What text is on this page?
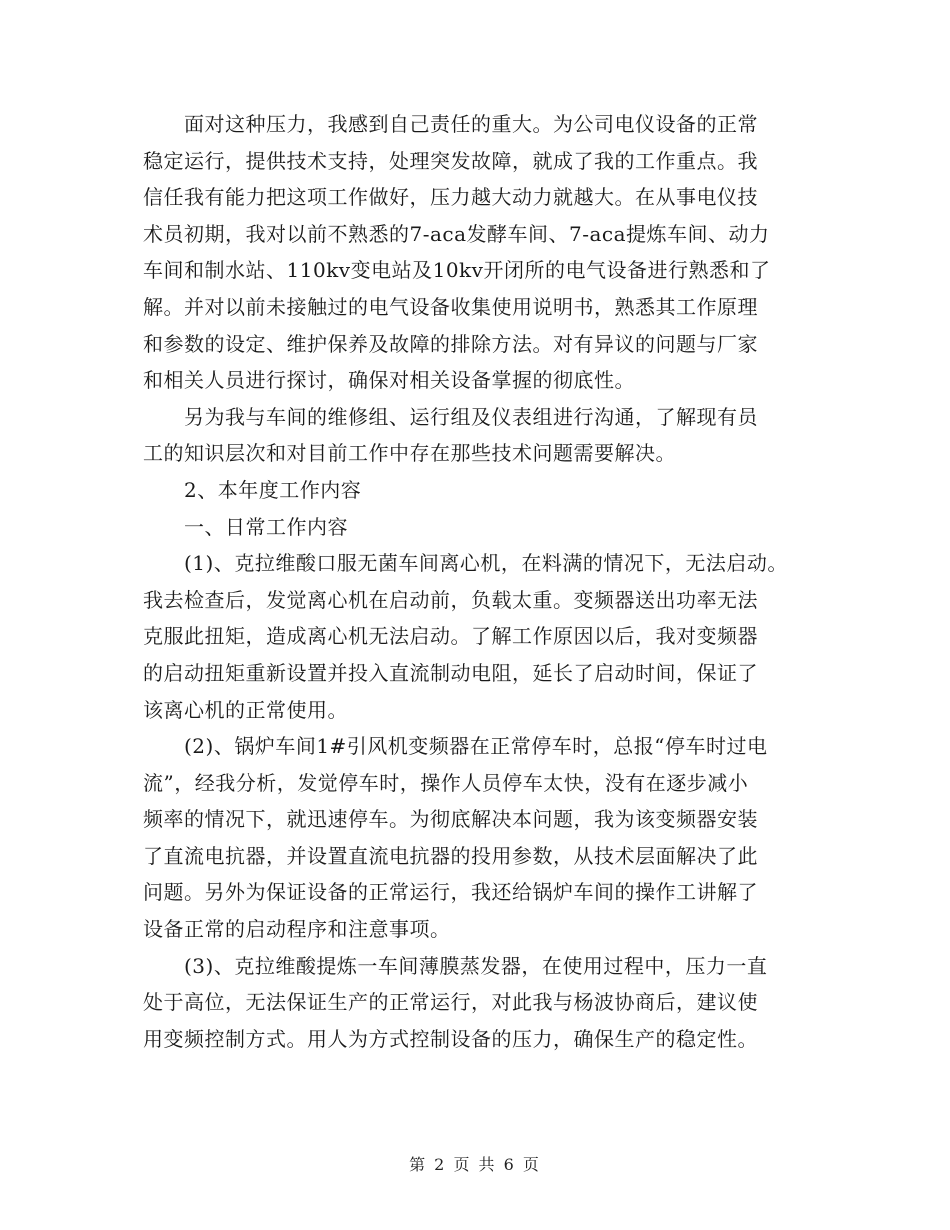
　　面对这种压力，我感到自己责任的重大。为公司电仪设备的正常
稳定运行，提供技术支持，处理突发故障，就成了我的工作重点。我
信任我有能力把这项工作做好，压力越大动力就越大。在从事电仪技
术员初期，我对以前不熟悉的7-aca发酵车间、7-aca提炼车间、动力
车间和制水站、110kv变电站及10kv开闭所的电气设备进行熟悉和了
解。并对以前未接触过的电气设备收集使用说明书，熟悉其工作原理
和参数的设定、维护保养及故障的排除方法。对有异议的问题与厂家
和相关人员进行探讨，确保对相关设备掌握的彻底性。
　　另为我与车间的维修组、运行组及仪表组进行沟通，了解现有员
工的知识层次和对目前工作中存在那些技术问题需要解决。
　　2、本年度工作内容
　　一、日常工作内容
　　(1)、克拉维酸口服无菌车间离心机，在料满的情况下，无法启动。
我去检查后，发觉离心机在启动前，负载太重。变频器送出功率无法
克服此扭矩，造成离心机无法启动。了解工作原因以后，我对变频器
的启动扭矩重新设置并投入直流制动电阻，延长了启动时间，保证了
该离心机的正常使用。
　　(2)、锅炉车间1#引风机变频器在正常停车时，总报“停车时过电
流”，经我分析，发觉停车时，操作人员停车太快，没有在逐步减小
频率的情况下，就迅速停车。为彻底解决本问题，我为该变频器安装
了直流电抗器，并设置直流电抗器的投用参数，从技术层面解决了此
问题。另外为保证设备的正常运行，我还给锅炉车间的操作工讲解了
设备正常的启动程序和注意事项。
　　(3)、克拉维酸提炼一车间薄膜蒸发器，在使用过程中，压力一直
处于高位，无法保证生产的正常运行，对此我与杨波协商后，建议使
用变频控制方式。用人为方式控制设备的压力，确保生产的稳定性。
第 2 页 共 6 页
